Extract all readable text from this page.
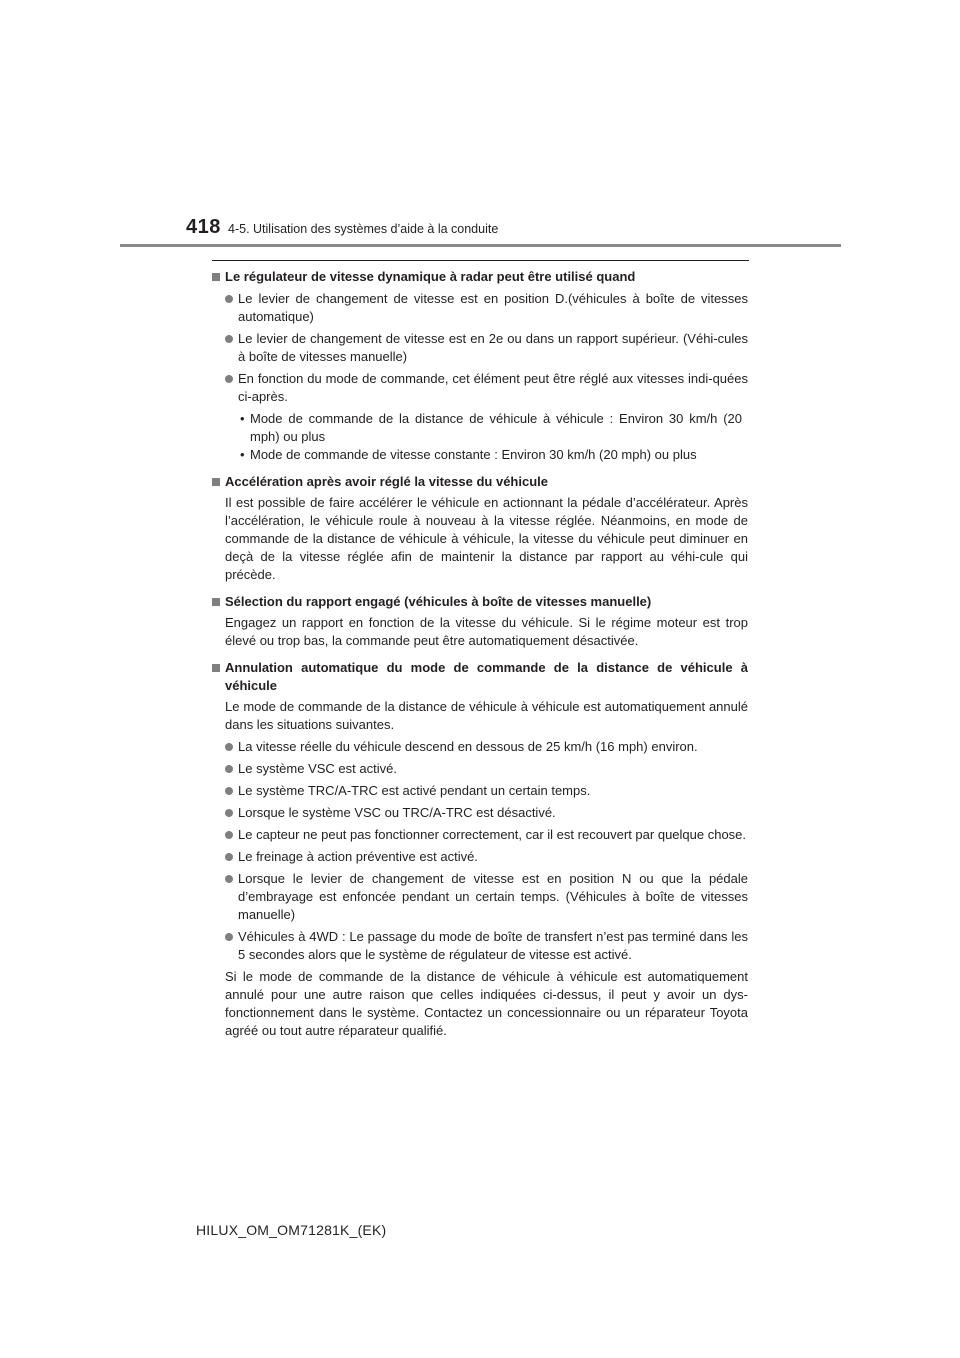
418 4-5. Utilisation des systèmes d’aide à la conduite
Le régulateur de vitesse dynamique à radar peut être utilisé quand
Le levier de changement de vitesse est en position D.(véhicules à boîte de vitesses automatique)
Le levier de changement de vitesse est en 2e ou dans un rapport supérieur. (Véhi-cules à boîte de vitesses manuelle)
En fonction du mode de commande, cet élément peut être réglé aux vitesses indi-quées ci-après.
• Mode de commande de la distance de véhicule à véhicule : Environ 30 km/h (20 mph) ou plus
• Mode de commande de vitesse constante : Environ 30 km/h (20 mph) ou plus
Accélération après avoir réglé la vitesse du véhicule
Il est possible de faire accélérer le véhicule en actionnant la pédale d’accélérateur. Après l’accélération, le véhicule roule à nouveau à la vitesse réglée. Néanmoins, en mode de commande de la distance de véhicule à véhicule, la vitesse du véhicule peut diminuer en deçà de la vitesse réglée afin de maintenir la distance par rapport au véhi-cule qui précède.
Sélection du rapport engagé (véhicules à boîte de vitesses manuelle)
Engagez un rapport en fonction de la vitesse du véhicule. Si le régime moteur est trop élevé ou trop bas, la commande peut être automatiquement désactivée.
Annulation automatique du mode de commande de la distance de véhicule à véhicule
Le mode de commande de la distance de véhicule à véhicule est automatiquement annulé dans les situations suivantes.
La vitesse réelle du véhicule descend en dessous de 25 km/h (16 mph) environ.
Le système VSC est activé.
Le système TRC/A-TRC est activé pendant un certain temps.
Lorsque le système VSC ou TRC/A-TRC est désactivé.
Le capteur ne peut pas fonctionner correctement, car il est recouvert par quelque chose.
Le freinage à action préventive est activé.
Lorsque le levier de changement de vitesse est en position N ou que la pédale d’embrayage est enfoncée pendant un certain temps. (Véhicules à boîte de vitesses manuelle)
Véhicules à 4WD : Le passage du mode de boîte de transfert n’est pas terminé dans les 5 secondes alors que le système de régulateur de vitesse est activé.
Si le mode de commande de la distance de véhicule à véhicule est automatiquement annulé pour une autre raison que celles indiquées ci-dessus, il peut y avoir un dys-fonctionnement dans le système. Contactez un concessionnaire ou un réparateur Toyota agréé ou tout autre réparateur qualifié.
HILUX_OM_OM71281K_(EK)
